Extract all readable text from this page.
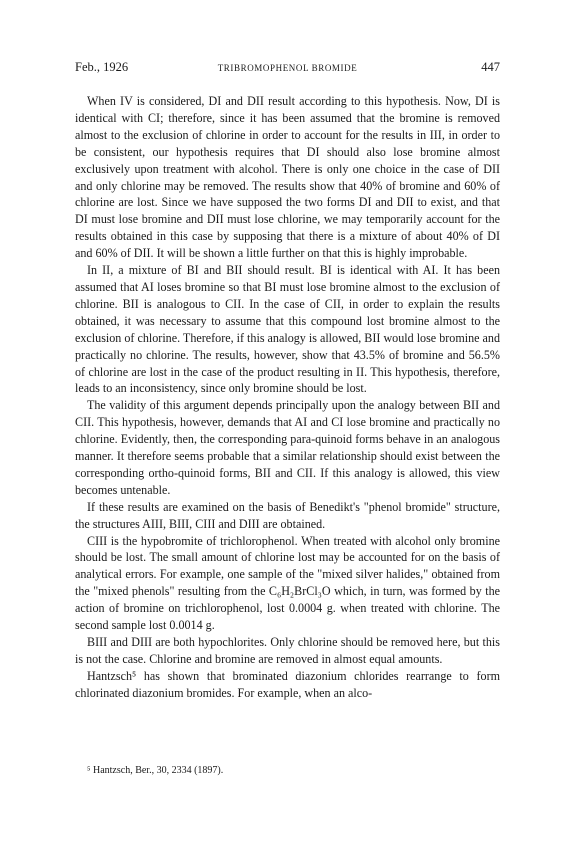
Feb., 1926	TRIBROMOPHENOL BROMIDE	447

When IV is considered, DI and DII result according to this hypothesis. Now, DI is identical with CI; therefore, since it has been assumed that the bromine is removed almost to the exclusion of chlorine in order to account for the results in III, in order to be consistent, our hypothesis requires that DI should also lose bromine almost exclusively upon treatment with alcohol. There is only one choice in the case of DII and only chlorine may be removed. The results show that 40% of bromine and 60% of chlorine are lost. Since we have supposed the two forms DI and DII to exist, and that DI must lose bromine and DII must lose chlorine, we may temporarily account for the results obtained in this case by supposing that there is a mixture of about 40% of DI and 60% of DII. It will be shown a little further on that this is highly improbable.

In II, a mixture of BI and BII should result. BI is identical with AI. It has been assumed that AI loses bromine so that BI must lose bromine almost to the exclusion of chlorine. BII is analogous to CII. In the case of CII, in order to explain the results obtained, it was necessary to assume that this compound lost bromine almost to the exclusion of chlorine. Therefore, if this analogy is allowed, BII would lose bromine and practically no chlorine. The results, however, show that 43.5% of bromine and 56.5% of chlorine are lost in the case of the product resulting in II. This hypothesis, therefore, leads to an inconsistency, since only bromine should be lost.

The validity of this argument depends principally upon the analogy between BII and CII. This hypothesis, however, demands that AI and CI lose bromine and practically no chlorine. Evidently, then, the corresponding para-quinoid forms behave in an analogous manner. It therefore seems probable that a similar relationship should exist between the corresponding ortho-quinoid forms, BII and CII. If this analogy is allowed, this view becomes untenable.

If these results are examined on the basis of Benedikt's "phenol bromide" structure, the structures AIII, BIII, CIII and DIII are obtained.

CIII is the hypobromite of trichlorophenol. When treated with alcohol only bromine should be lost. The small amount of chlorine lost may be accounted for on the basis of analytical errors. For example, one sample of the "mixed silver halides," obtained from the "mixed phenols" resulting from the C₆H₂BrCl₃O which, in turn, was formed by the action of bromine on trichlorophenol, lost 0.0004 g. when treated with chlorine. The second sample lost 0.0014 g.

BIII and DIII are both hypochlorites. Only chlorine should be removed here, but this is not the case. Chlorine and bromine are removed in almost equal amounts.

Hantzsch⁵ has shown that brominated diazonium chlorides rearrange to form chlorinated diazonium bromides. For example, when an alco-

⁵ Hantzsch, Ber., 30, 2334 (1897).
